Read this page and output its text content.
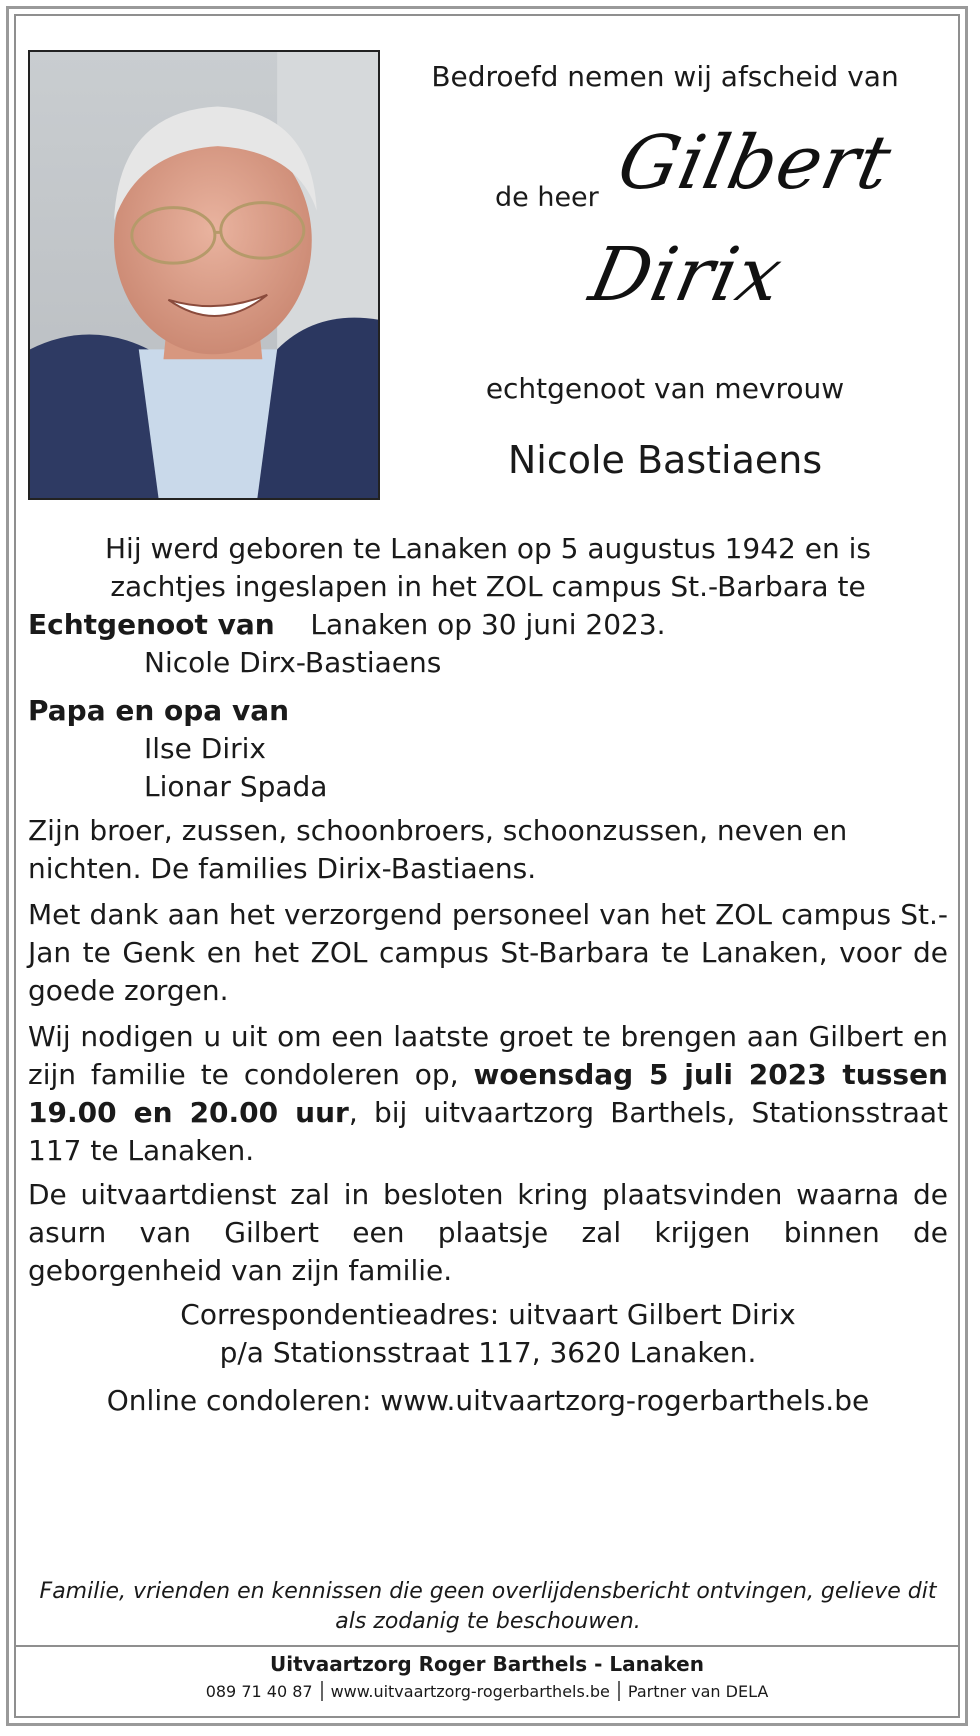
Bedroefd nemen wij afscheid van
de heer Gilbert
Dirix
echtgenoot van mevrouw
Nicole Bastiaens
Hij werd geboren te Lanaken op 5 augustus 1942 en is zachtjes ingeslapen in het ZOL campus St.-Barbara te Lanaken op 30 juni 2023.
Echtgenoot van
Nicole Dirx-Bastiaens
Papa en opa van
Ilse Dirix
Lionar Spada
Zijn broer, zussen, schoonbroers, schoonzussen, neven en nichten. De families Dirix-Bastiaens.
Met dank aan het verzorgend personeel van het ZOL campus St.-Jan te Genk en het ZOL campus St-Barbara te Lanaken, voor de goede zorgen.
Wij nodigen u uit om een laatste groet te brengen aan Gilbert en zijn familie te condoleren op, woensdag 5 juli 2023 tussen 19.00 en 20.00 uur, bij uitvaartzorg Barthels, Stationsstraat 117 te Lanaken.
De uitvaartdienst zal in besloten kring plaatsvinden waarna de asurn van Gilbert een plaatsje zal krijgen binnen de geborgenheid van zijn familie.
Correspondentieadres: uitvaart Gilbert Dirix
p/a Stationsstraat 117, 3620 Lanaken.
Online condoleren: www.uitvaartzorg-rogerbarthels.be
Familie, vrienden en kennissen die geen overlijdensbericht ontvingen, gelieve dit als zodanig te beschouwen.
Uitvaartzorg Roger Barthels - Lanaken
089 71 40 87 www.uitvaartzorg-rogerbarthels.be Partner van DELA
